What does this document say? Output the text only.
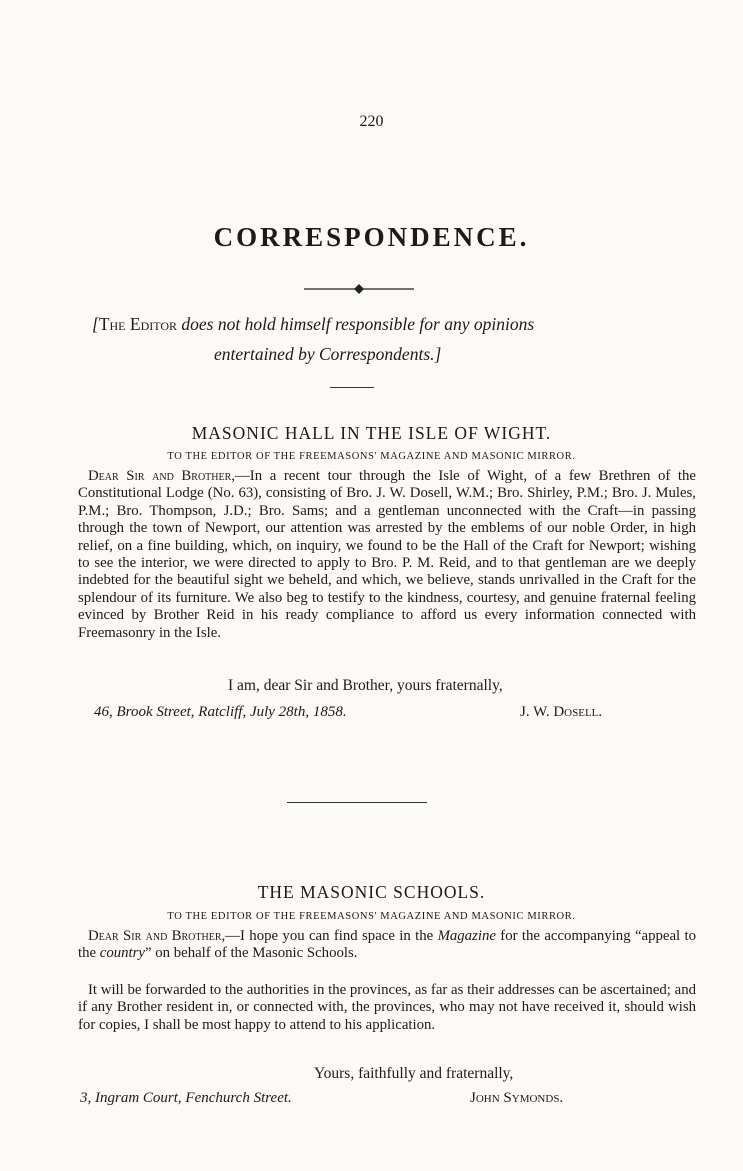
220
CORRESPONDENCE.
[The Editor does not hold himself responsible for any opinions
entertained by Correspondents.]
MASONIC HALL IN THE ISLE OF WIGHT.
TO THE EDITOR OF THE FREEMASONS' MAGAZINE AND MASONIC MIRROR.

Dear Sir and Brother,—In a recent tour through the Isle of Wight, of a few Brethren of the Constitutional Lodge (No. 63), consisting of Bro. J. W. Dosell, W.M.; Bro. Shirley, P.M.; Bro. J. Mules, P.M.; Bro. Thompson, J.D.; Bro. Sams; and a gentleman unconnected with the Craft—in passing through the town of Newport, our attention was arrested by the emblems of our noble Order, in high relief, on a fine building, which, on inquiry, we found to be the Hall of the Craft for Newport; wishing to see the interior, we were directed to apply to Bro. P. M. Reid, and to that gentleman are we deeply indebted for the beautiful sight we beheld, and which, we believe, stands unrivalled in the Craft for the splendour of its furniture. We also beg to testify to the kindness, courtesy, and genuine fraternal feeling evinced by Brother Reid in his ready compliance to afford us every information connected with Freemasonry in the Isle.

I am, dear Sir and Brother, yours fraternally,
46, Brook Street, Ratcliff, July 28th, 1858.	J. W. Dosell.
THE MASONIC SCHOOLS.
TO THE EDITOR OF THE FREEMASONS' MAGAZINE AND MASONIC MIRROR.

Dear Sir and Brother,—I hope you can find space in the Magazine for the accompanying “appeal to the country” on behalf of the Masonic Schools.

It will be forwarded to the authorities in the provinces, as far as their addresses can be ascertained; and if any Brother resident in, or connected with, the provinces, who may not have received it, should wish for copies, I shall be most happy to attend to his application.

Yours, faithfully and fraternally,
3, Ingram Court, Fenchurch Street.	John Symonds.
